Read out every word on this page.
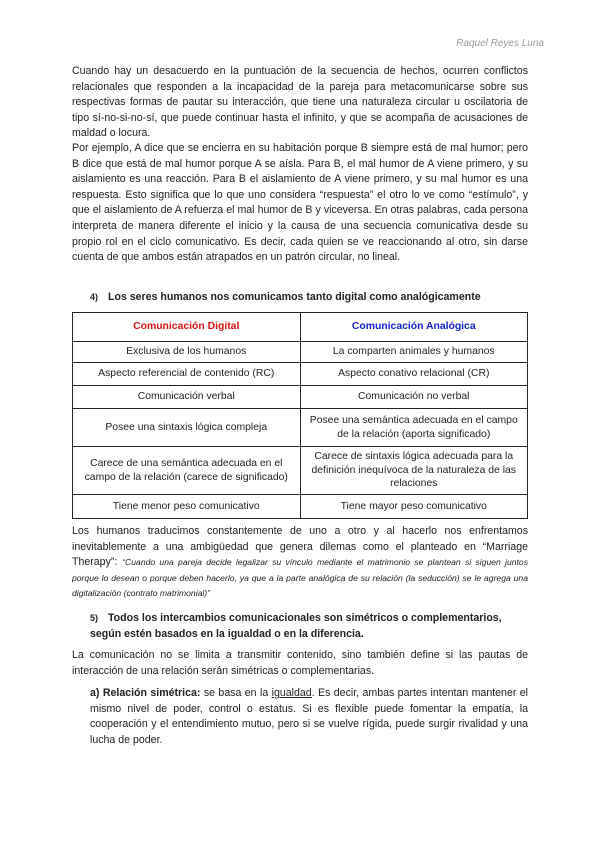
Raquel Reyes Luna

Cuando hay un desacuerdo en la puntuación de la secuencia de hechos, ocurren conflictos relacionales que responden a la incapacidad de la pareja para metacomunicarse sobre sus respectivas formas de pautar su interacción, que tiene una naturaleza circular u oscilatoria de tipo sí-no-si-no-sí, que puede continuar hasta el infinito, y que se acompaña de acusaciones de maldad o locura.

Por ejemplo, A dice que se encierra en su habitación porque B siempre está de mal humor; pero B dice que está de mal humor porque A se aísla. Para B, el mal humor de A viene primero, y su aislamiento es una reacción. Para B el aislamiento de A viene primero, y su mal humor es una respuesta. Esto significa que lo que uno considera “respuesta” el otro lo ve como “estímulo”, y que el aislamiento de A refuerza el mal humor de B y viceversa. En otras palabras, cada persona interpreta de manera diferente el inicio y la causa de una secuencia comunicativa desde su propio rol en el ciclo comunicativo. Es decir, cada quien se ve reaccionando al otro, sin darse cuenta de que ambos están atrapados en un patrón circular, no lineal.

4) Los seres humanos nos comunicamos tanto digital como analógicamente

Comunicación Digital	Comunicación Analógica
Exclusiva de los humanos	La comparten animales y humanos
Aspecto referencial de contenido (RC)	Aspecto conativo relacional (CR)
Comunicación verbal	Comunicación no verbal
Posee una sintaxis lógica compleja	Posee una semántica adecuada en el campo de la relación (aporta significado)
Carece de una semántica adecuada en el campo de la relación (carece de significado)	Carece de sintaxis lógica adecuada para la definición inequívoca de la naturaleza de las relaciones
Tiene menor peso comunicativo	Tiene mayor peso comunicativo

Los humanos traducimos constantemente de uno a otro y al hacerlo nos enfrentamos inevitablemente a una ambigüedad que genera dilemas como el planteado en “Marriage Therapy”: “Cuando una pareja decide legalizar su vínculo mediante el matrimonio se plantean si siguen juntos porque lo desean o porque deben hacerlo, ya que a la parte analógica de su relación (la seducción) se le agrega una digitalización (contrato matrimonial)”

5) Todos los intercambios comunicacionales son simétricos o complementarios, según estén basados en la igualdad o en la diferencia.

La comunicación no se limita a transmitir contenido, sino también define si las pautas de interacción de una relación serán simétricas o complementarias.

a) Relación simétrica: se basa en la igualdad. Es decir, ambas partes intentan mantener el mismo nivel de poder, control o estatus. Si es flexible puede fomentar la empatía, la cooperación y el entendimiento mutuo, pero si se vuelve rígida, puede surgir rivalidad y una lucha de poder.
